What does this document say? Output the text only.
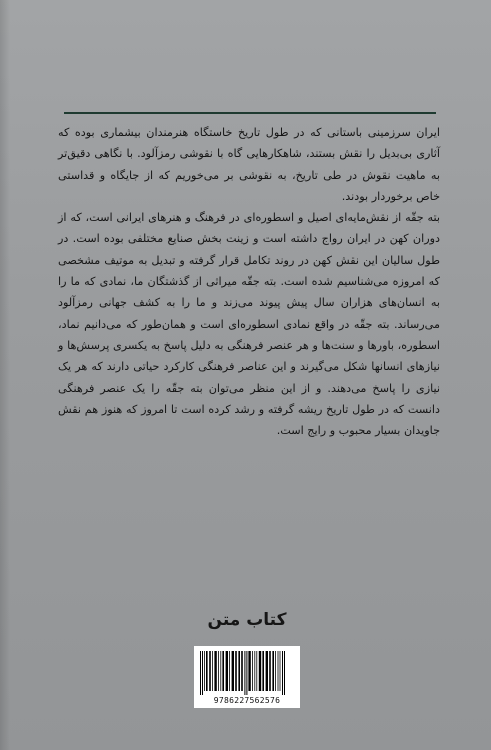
ایران سرزمینی باستانی که در طول تاریخ خاستگاه هنرمندان بیشماری بوده که آثاری بی‌بدیل را نقش بستند، شاهکارهایی گاه با نقوشی رمزآلود. با نگاهی دقیق‌تر به ماهیت نقوش در طی تاریخ، به نقوشی بر می‌خوریم که از جایگاه و قداستی خاص برخوردار بودند.

بته جقّه از نقش‌مایه‌ای اصیل و اسطوره‌ای در فرهنگ و هنرهای ایرانی است، که از دوران کهن در ایران رواج داشته است و زینت بخش صنایع مختلفی بوده است. در طول سالیان این نقش کهن در روند تکامل قرار گرفته و تبدیل به موتیف مشخصی که امروزه می‌شناسیم شده است. بته جقّه میراثی از گذشتگان ما، نمادی که ما را به انسان‌های هزاران سال پیش پیوند می‌زند و ما را به کشف جهانی رمزآلود می‌رساند. بته جقّه در واقع نمادی اسطوره‌ای است و همان‌طور که می‌دانیم نماد، اسطوره، باورها و سنت‌ها و هر عنصر فرهنگی به دلیل پاسخ به یکسری پرسش‌ها و نیازهای انسانها شکل می‌گیرند و این عناصر فرهنگی کارکرد حیاتی دارند که هر یک نیازی را پاسخ می‌دهند. و از این منظر می‌توان بته جقّه را یک عنصر فرهنگی دانست که در طول تاریخ ریشه گرفته و رشد کرده است تا امروز که هنوز هم نقش جاویدان بسیار محبوب و رایج است.

کتاب متن
9786227562576
